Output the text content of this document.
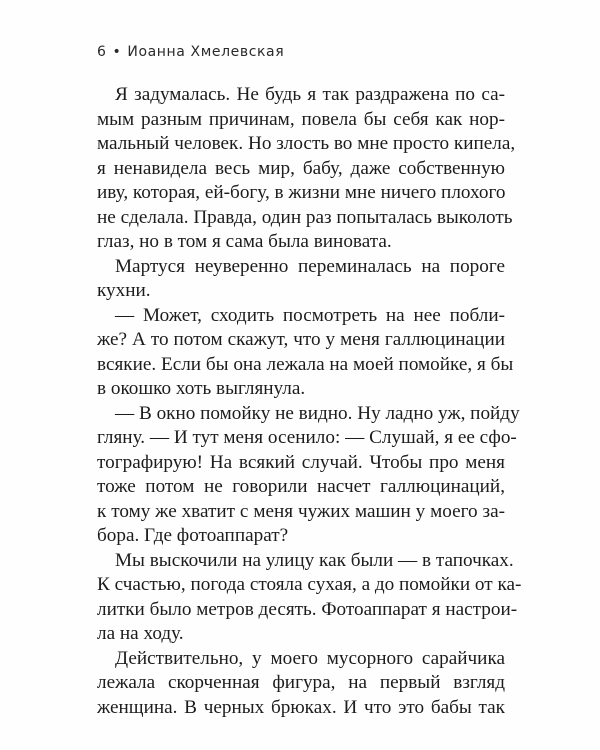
6 • Иоанна Хмелевская
Я задумалась. Не будь я так раздражена по са-
мым разным причинам, повела бы себя как нор-
мальный человек. Но злость во мне просто кипела,
я ненавидела весь мир, бабу, даже собственную
иву, которая, ей-богу, в жизни мне ничего плохого
не сделала. Правда, один раз попыталась выколоть
глаз, но в том я сама была виновата.
Мартуся неуверенно переминалась на пороге
кухни.
— Может, сходить посмотреть на нее побли-
же? А то потом скажут, что у меня галлюцинации
всякие. Если бы она лежала на моей помойке, я бы
в окошко хоть выглянула.
— В окно помойку не видно. Ну ладно уж, пойду
гляну. — И тут меня осенило: — Слушай, я ее сфо-
тографирую! На всякий случай. Чтобы про меня
тоже потом не говорили насчет галлюцинаций,
к тому же хватит с меня чужих машин у моего за-
бора. Где фотоаппарат?
Мы выскочили на улицу как были — в тапочках.
К счастью, погода стояла сухая, а до помойки от ка-
литки было метров десять. Фотоаппарат я настрои-
ла на ходу.
Действительно, у моего мусорного сарайчика
лежала скорченная фигура, на первый взгляд
женщина. В черных брюках. И что это бабы так
